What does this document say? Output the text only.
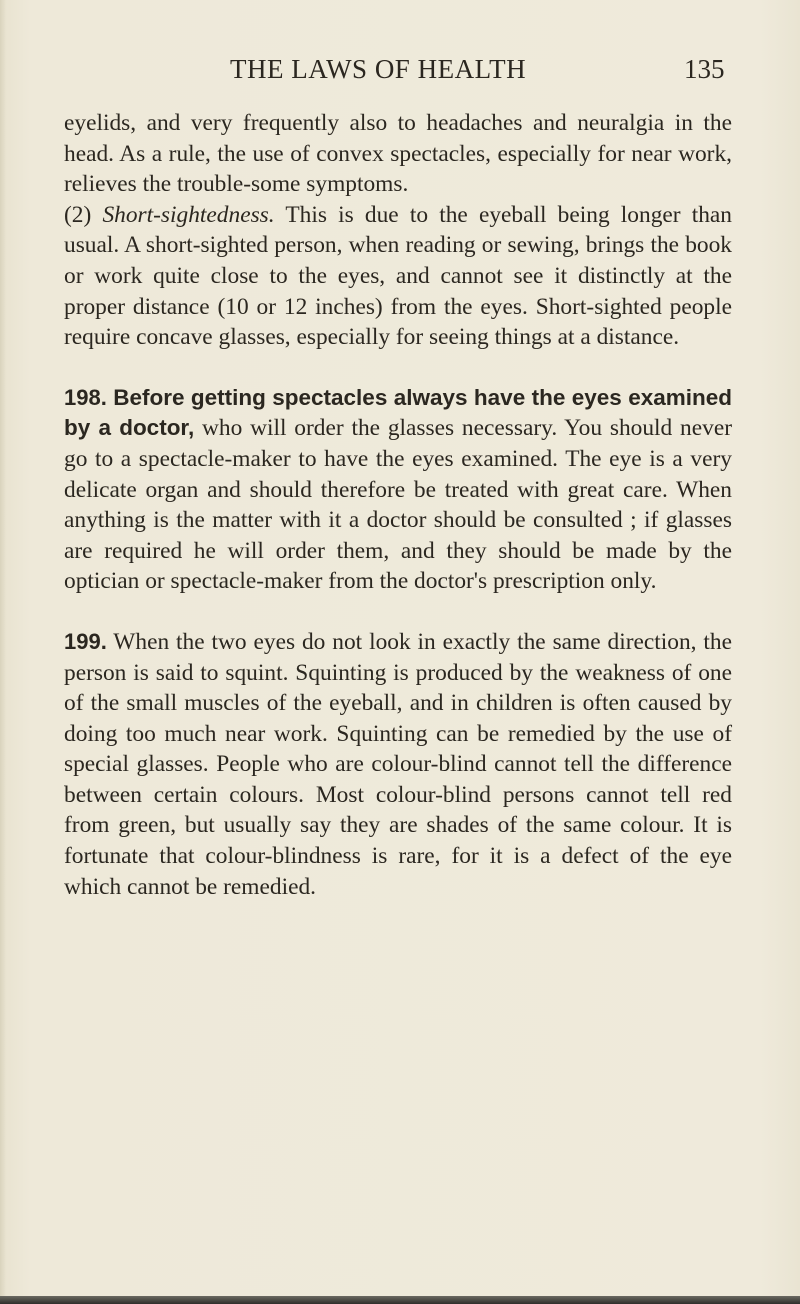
THE LAWS OF HEALTH	135

eyelids, and very frequently also to headaches and neuralgia in the head. As a rule, the use of convex spectacles, especially for near work, relieves the trouble-some symptoms.

(2) Short-sightedness. This is due to the eyeball being longer than usual. A short-sighted person, when reading or sewing, brings the book or work quite close to the eyes, and cannot see it distinctly at the proper distance (10 or 12 inches) from the eyes. Short-sighted people require concave glasses, especially for seeing things at a distance.

198. Before getting spectacles always have the eyes examined by a doctor, who will order the glasses necessary. You should never go to a spectacle-maker to have the eyes examined. The eye is a very delicate organ and should therefore be treated with great care. When anything is the matter with it a doctor should be consulted ; if glasses are required he will order them, and they should be made by the optician or spectacle-maker from the doctor's prescription only.

199. When the two eyes do not look in exactly the same direction, the person is said to squint. Squinting is produced by the weakness of one of the small muscles of the eyeball, and in children is often caused by doing too much near work. Squinting can be remedied by the use of special glasses. People who are colour-blind cannot tell the difference between certain colours. Most colour-blind persons cannot tell red from green, but usually say they are shades of the same colour. It is fortunate that colour-blindness is rare, for it is a defect of the eye which cannot be remedied.
